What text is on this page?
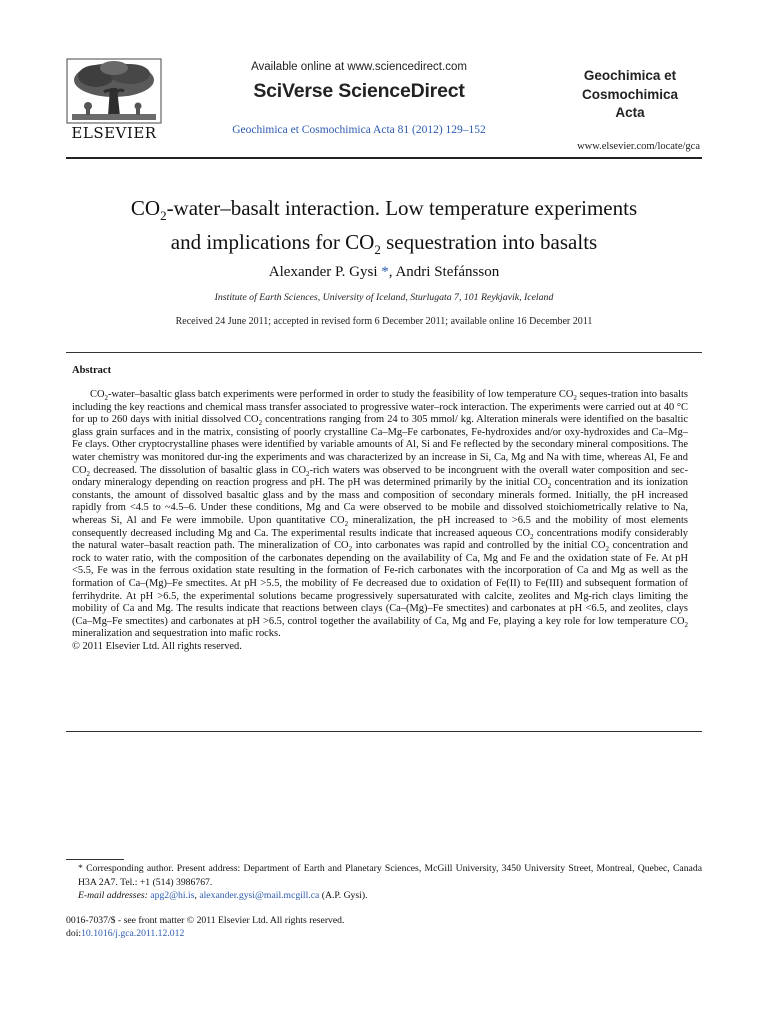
ELSEVIER
Available online at www.sciencedirect.com
SciVerse ScienceDirect
Geochimica et Cosmochimica Acta 81 (2012) 129–152
Geochimica et
Cosmochimica
Acta
www.elsevier.com/locate/gca
$CO_2-water$–basalt interaction. Low temperature experiments
and implications for $CO_2$ sequestration into basalts
Alexander P. Gysi *, Andri Stefánsson
Institute of Earth Sciences, University of Iceland, Sturlugata 7, 101 Reykjavik, Iceland
Received 24 June 2011; accepted in revised form 6 December 2011; available online 16 December 2011
Abstract
$CO_2-water$–basaltic glass batch experiments were performed in order to study the feasibility of low temperature $CO_2$ seques-tration into basalts including the key reactions and chemical mass transfer associated to progressive water–rock interaction. The experiments were carried out at 40 °C for up to 260 days with initial dissolved $CO_2$ concentrations ranging from 24 to 305 mmol/ kg. Alteration minerals were identified on the basaltic glass grain surfaces and in the matrix, consisting of poorly crystalline Ca–Mg–Fe carbonates, Fe-hydroxides and/or oxy-hydroxides and Ca–Mg–Fe clays. Other cryptocrystalline phases were identified by variable amounts of Al, Si and Fe reflected by the secondary mineral compositions. The water chemistry was monitored dur-ing the experiments and was characterized by an increase in Si, Ca, Mg and Na with time, whereas Al, Fe and $CO_2$ decreased. The dissolution of basaltic glass in $CO_2$-rich waters was observed to be incongruent with the overall water composition and sec-ondary mineralogy depending on reaction progress and pH. The pH was determined primarily by the initial $CO_2$ concentration and its ionization constants, the amount of dissolved basaltic glass and by the mass and composition of secondary minerals formed. Initially, the pH increased rapidly from <4.5 to ~4.5–6. Under these conditions, Mg and Ca were observed to be mobile and dissolved stoichiometrically relative to Na, whereas Si, Al and Fe were immobile. Upon quantitative $CO_2$ mineralization, the pH increased to >6.5 and the mobility of most elements consequently decreased including Mg and Ca. The experimental results indicate that increased aqueous $CO_2$ concentrations modify considerably the natural water–basalt reaction path. The mineralization of $CO_2$ into carbonates was rapid and controlled by the initial $CO_2$ concentration and rock to water ratio, with the composition of the carbonates depending on the availability of Ca, Mg and Fe and the oxidation state of Fe. At pH <5.5, Fe was in the ferrous oxidation state resulting in the formation of Fe-rich carbonates with the incorporation of Ca and Mg as well as the formation of Ca–(Mg)–Fe smectites. At pH >5.5, the mobility of Fe decreased due to oxidation of Fe(II) to Fe(III) and subsequent formation of ferrihydrite. At pH >6.5, the experimental solutions became progressively supersaturated with calcite, zeolites and Mg-rich clays limiting the mobility of Ca and Mg. The results indicate that reactions between clays (Ca–(Mg)–Fe smectites) and carbonates at pH <6.5, and zeolites, clays (Ca–Mg–Fe smectites) and carbonates at pH >6.5, control together the availability of Ca, Mg and Fe, playing a key role for low temperature $CO_2$ mineralization and sequestration into mafic rocks.
© 2011 Elsevier Ltd. All rights reserved.
* Corresponding author. Present address: Department of Earth and Planetary Sciences, McGill University, 3450 University Street, Montreal, Quebec, Canada H3A 2A7. Tel.: +1 (514) 3986767.
E-mail addresses: apg2@hi.is, alexander.gysi@mail.mcgill.ca (A.P. Gysi).
0016-7037/$ - see front matter © 2011 Elsevier Ltd. All rights reserved.
doi:10.1016/j.gca.2011.12.012
